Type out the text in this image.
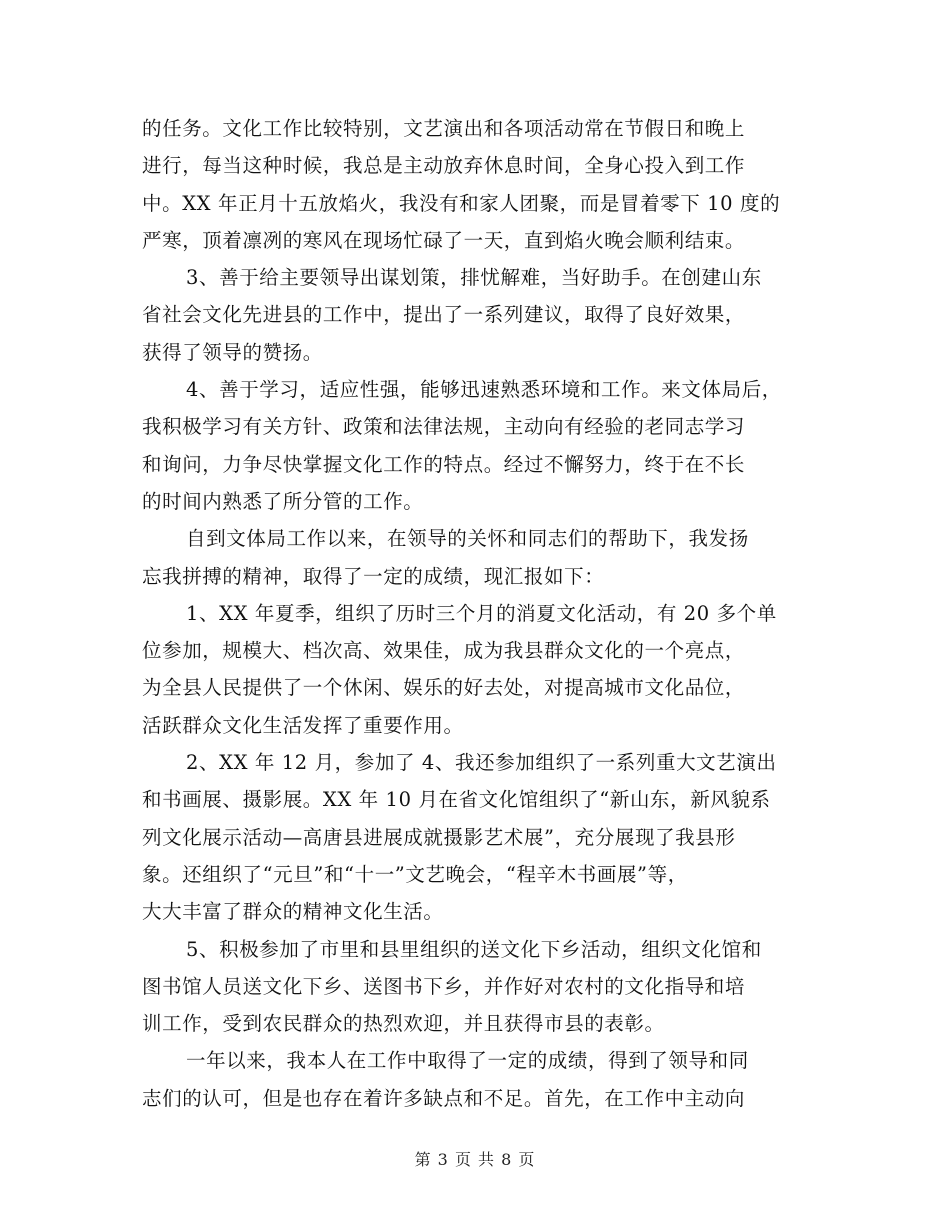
的任务。文化工作比较特别，文艺演出和各项活动常在节假日和晚上
进行，每当这种时候，我总是主动放弃休息时间，全身心投入到工作
中。XX 年正月十五放焰火，我没有和家人团聚，而是冒着零下 10 度的
严寒，顶着凛冽的寒风在现场忙碌了一天，直到焰火晚会顺利结束。
3、善于给主要领导出谋划策，排忧解难，当好助手。在创建山东
省社会文化先进县的工作中，提出了一系列建议，取得了良好效果，
获得了领导的赞扬。
4、善于学习，适应性强，能够迅速熟悉环境和工作。来文体局后，
我积极学习有关方针、政策和法律法规，主动向有经验的老同志学习
和询问，力争尽快掌握文化工作的特点。经过不懈努力，终于在不长
的时间内熟悉了所分管的工作。
自到文体局工作以来，在领导的关怀和同志们的帮助下，我发扬
忘我拼搏的精神，取得了一定的成绩，现汇报如下：
1、XX 年夏季，组织了历时三个月的消夏文化活动，有 20 多个单
位参加，规模大、档次高、效果佳，成为我县群众文化的一个亮点，
为全县人民提供了一个休闲、娱乐的好去处，对提高城市文化品位，
活跃群众文化生活发挥了重要作用。
2、XX 年 12 月，参加了 4、我还参加组织了一系列重大文艺演出
和书画展、摄影展。XX 年 10 月在省文化馆组织了“新山东，新风貌系
列文化展示活动—高唐县进展成就摄影艺术展”，充分展现了我县形
象。还组织了“元旦”和“十一”文艺晚会，“程辛木书画展”等，
大大丰富了群众的精神文化生活。
5、积极参加了市里和县里组织的送文化下乡活动，组织文化馆和
图书馆人员送文化下乡、送图书下乡，并作好对农村的文化指导和培
训工作，受到农民群众的热烈欢迎，并且获得市县的表彰。
一年以来，我本人在工作中取得了一定的成绩，得到了领导和同
志们的认可，但是也存在着许多缺点和不足。首先，在工作中主动向
第 3 页 共 8 页
